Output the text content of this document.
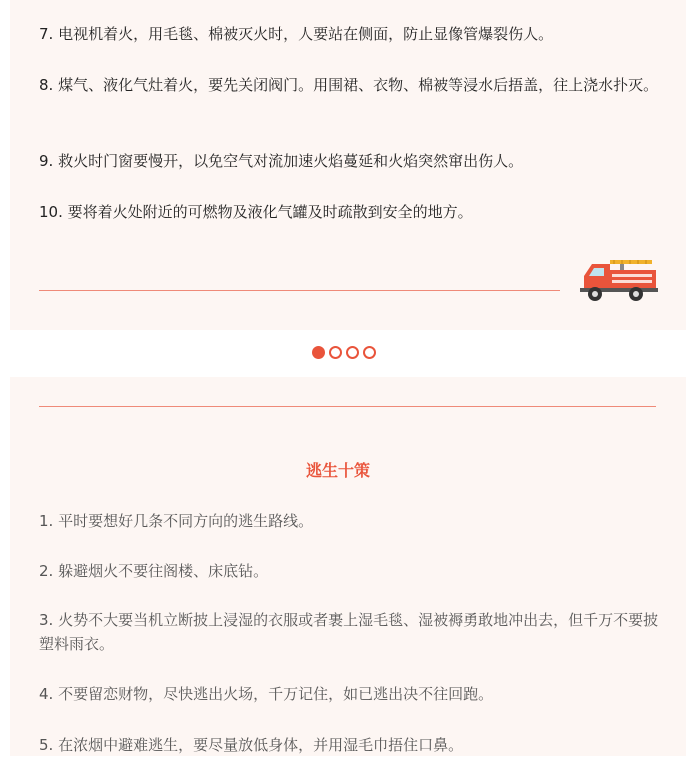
7. 电视机着火，用毛毯、棉被灭火时，人要站在侧面，防止显像管爆裂伤人。

8. 煤气、液化气灶着火，要先关闭阀门。用围裙、衣物、棉被等浸水后捂盖，往上浇水扑灭。

9. 救火时门窗要慢开，以免空气对流加速火焰蔓延和火焰突然窜出伤人。

10. 要将着火处附近的可燃物及液化气罐及时疏散到安全的地方。

逃生十策

1. 平时要想好几条不同方向的逃生路线。

2. 躲避烟火不要往阁楼、床底钻。

3. 火势不大要当机立断披上浸湿的衣服或者裹上湿毛毯、湿被褥勇敢地冲出去，但千万不要披塑料雨衣。

4. 不要留恋财物，尽快逃出火场，千万记住，如已逃出决不往回跑。

5. 在浓烟中避难逃生，要尽量放低身体，并用湿毛巾捂住口鼻。
